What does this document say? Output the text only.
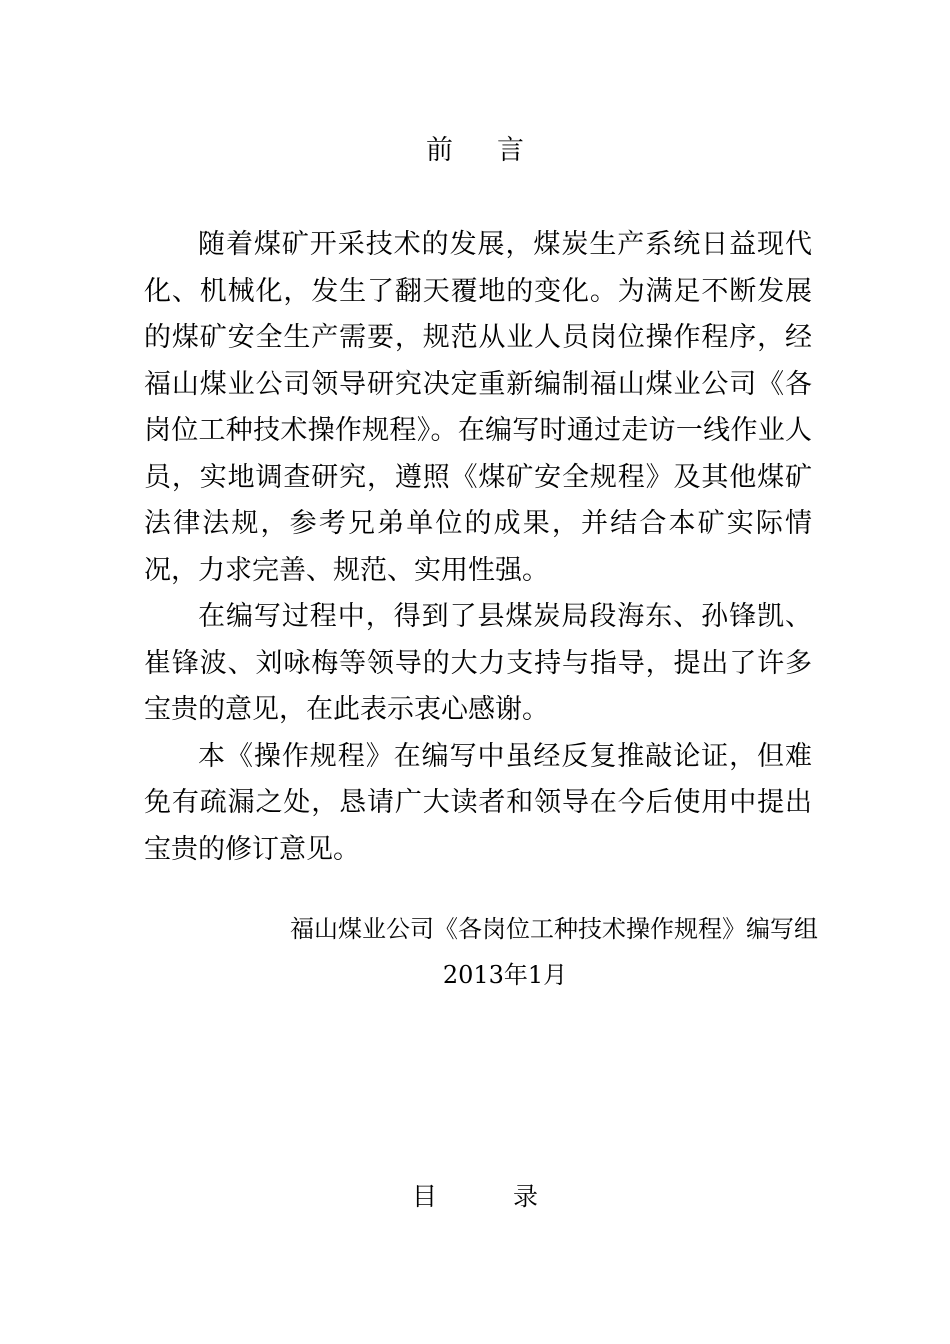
前言

随着煤矿开采技术的发展，煤炭生产系统日益现代化、机械化，发生了翻天覆地的变化。为满足不断发展的煤矿安全生产需要，规范从业人员岗位操作程序，经福山煤业公司领导研究决定重新编制福山煤业公司《各岗位工种技术操作规程》。在编写时通过走访一线作业人员，实地调查研究，遵照《煤矿安全规程》及其他煤矿法律法规，参考兄弟单位的成果，并结合本矿实际情况，力求完善、规范、实用性强。

在编写过程中，得到了县煤炭局段海东、孙锋凯、崔锋波、刘咏梅等领导的大力支持与指导，提出了许多宝贵的意见，在此表示衷心感谢。

本《操作规程》在编写中虽经反复推敲论证，但难免有疏漏之处，恳请广大读者和领导在今后使用中提出宝贵的修订意见。

福山煤业公司《各岗位工种技术操作规程》编写组
2013年1月
目录
